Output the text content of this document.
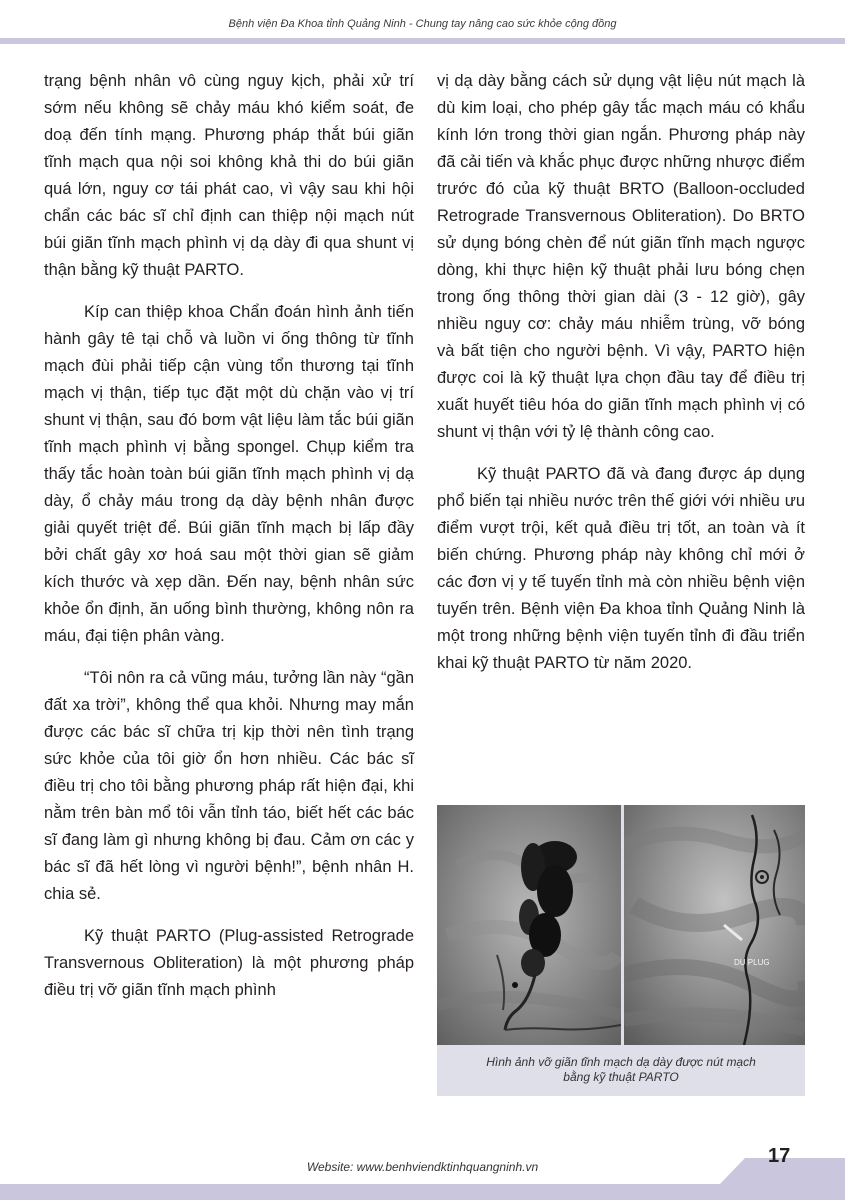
Bệnh viện Đa Khoa tỉnh Quảng Ninh - Chung tay nâng cao sức khỏe cộng đồng

trạng bệnh nhân vô cùng nguy kịch, phải xử trí sớm nếu không sẽ chảy máu khó kiểm soát, đe doạ đến tính mạng. Phương pháp thắt búi giãn tĩnh mạch qua nội soi không khả thi do búi giãn quá lớn, nguy cơ tái phát cao, vì vậy sau khi hội chẩn các bác sĩ chỉ định can thiệp nội mạch nút búi giãn tĩnh mạch phình vị dạ dày đi qua shunt vị thận bằng kỹ thuật PARTO.

Kíp can thiệp khoa Chẩn đoán hình ảnh tiến hành gây tê tại chỗ và luồn vi ống thông từ tĩnh mạch đùi phải tiếp cận vùng tổn thương tại tĩnh mạch vị thận, tiếp tục đặt một dù chặn vào vị trí shunt vị thận, sau đó bơm vật liệu làm tắc búi giãn tĩnh mạch phình vị bằng spongel. Chụp kiểm tra thấy tắc hoàn toàn búi giãn tĩnh mạch phình vị dạ dày, ổ chảy máu trong dạ dày bệnh nhân được giải quyết triệt để. Búi giãn tĩnh mạch bị lấp đầy bởi chất gây xơ hoá sau một thời gian sẽ giảm kích thước và xẹp dần. Đến nay, bệnh nhân sức khỏe ổn định, ăn uống bình thường, không nôn ra máu, đại tiện phân vàng.

“Tôi nôn ra cả vũng máu, tưởng lần này “gần đất xa trời”, không thể qua khỏi. Nhưng may mắn được các bác sĩ chữa trị kịp thời nên tình trạng sức khỏe của tôi giờ ổn hơn nhiều. Các bác sĩ điều trị cho tôi bằng phương pháp rất hiện đại, khi nằm trên bàn mổ tôi vẫn tỉnh táo, biết hết các bác sĩ đang làm gì nhưng không bị đau. Cảm ơn các y bác sĩ đã hết lòng vì người bệnh!”, bệnh nhân H. chia sẻ.

Kỹ thuật PARTO (Plug-assisted Retrograde Transvernous Obliteration) là một phương pháp điều trị vỡ giãn tĩnh mạch phình

vị dạ dày bằng cách sử dụng vật liệu nút mạch là dù kim loại, cho phép gây tắc mạch máu có khẩu kính lớn trong thời gian ngắn. Phương pháp này đã cải tiến và khắc phục được những nhược điểm trước đó của kỹ thuật BRTO (Balloon-occluded Retrograde Transvernous Obliteration). Do BRTO sử dụng bóng chèn để nút giãn tĩnh mạch ngược dòng, khi thực hiện kỹ thuật phải lưu bóng chẹn trong ống thông thời gian dài (3 - 12 giờ), gây nhiều nguy cơ: chảy máu nhiễm trùng, vỡ bóng và bất tiện cho người bệnh. Vì vậy, PARTO hiện được coi là kỹ thuật lựa chọn đầu tay để điều trị xuất huyết tiêu hóa do giãn tĩnh mạch phình vị có shunt vị thận với tỷ lệ thành công cao.

Kỹ thuật PARTO đã và đang được áp dụng phổ biến tại nhiều nước trên thế giới với nhiều ưu điểm vượt trội, kết quả điều trị tốt, an toàn và ít biến chứng. Phương pháp này không chỉ mới ở các đơn vị y tế tuyến tỉnh mà còn nhiều bệnh viện tuyến trên. Bệnh viện Đa khoa tỉnh Quảng Ninh là một trong những bệnh viện tuyến tỉnh đi đầu triển khai kỹ thuật PARTO từ năm 2020.

DU PLUG
Hình ảnh vỡ giãn tĩnh mạch dạ dày được nút mạch
bằng kỹ thuật PARTO
Website: www.benhviendktinhquangninh.vn	17
